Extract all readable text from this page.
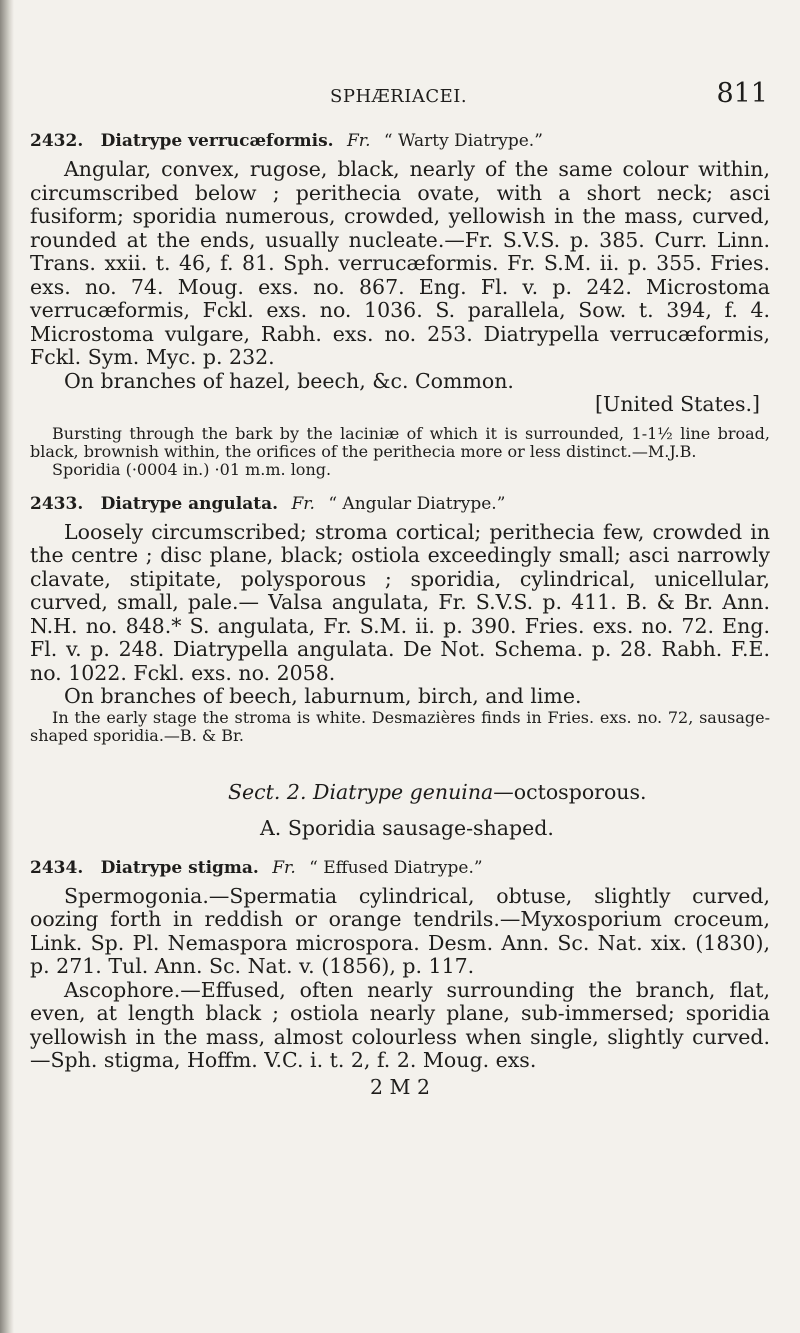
SPHÆRIACEI.	811
2432. Diatrype verrucæformis. Fr. “ Warty Diatrype.”

Angular, convex, rugose, black, nearly of the same colour within, circumscribed below ; perithecia ovate, with a short neck; asci fusiform; sporidia numerous, crowded, yellowish in the mass, curved, rounded at the ends, usually nucleate.—Fr. S.V.S. p. 385. Curr. Linn. Trans. xxii. t. 46, f. 81. Sph. verrucæformis. Fr. S.M. ii. p. 355. Fries. exs. no. 74. Moug. exs. no. 867. Eng. Fl. v. p. 242. Microstoma verrucæformis, Fckl. exs. no. 1036. S. parallela, Sow. t. 394, f. 4. Microstoma vulgare, Rabh. exs. no. 253. Diatrypella verrucæformis, Fckl. Sym. Myc. p. 232.

On branches of hazel, beech, &c. Common.

[United States.]

Bursting through the bark by the laciniæ of which it is surrounded, 1-1½ line broad, black, brownish within, the orifices of the perithecia more or less distinct.—M.J.B.

Sporidia (·0004 in.) ·01 m.m. long.

2433. Diatrype angulata. Fr. “ Angular Diatrype.”

Loosely circumscribed; stroma cortical; perithecia few, crowded in the centre ; disc plane, black; ostiola exceedingly small; asci narrowly clavate, stipitate, polysporous ; sporidia, cylindrical, unicellular, curved, small, pale.— Valsa angulata, Fr. S.V.S. p. 411. B. & Br. Ann. N.H. no. 848.* S. angulata, Fr. S.M. ii. p. 390. Fries. exs. no. 72. Eng. Fl. v. p. 248. Diatrypella angulata. De Not. Schema. p. 28. Rabh. F.E. no. 1022. Fckl. exs. no. 2058.

On branches of beech, laburnum, birch, and lime.

In the early stage the stroma is white. Desmazières finds in Fries. exs. no. 72, sausage-shaped sporidia.—B. & Br.

Sect. 2. Diatrype genuina—octosporous.
A. Sporidia sausage-shaped.
2434. Diatrype stigma. Fr. “ Effused Diatrype.”

Spermogonia.—Spermatia cylindrical, obtuse, slightly curved, oozing forth in reddish or orange tendrils.—Myxosporium croceum, Link. Sp. Pl. Nemaspora microspora. Desm. Ann. Sc. Nat. xix. (1830), p. 271. Tul. Ann. Sc. Nat. v. (1856), p. 117.

Ascophore.—Effused, often nearly surrounding the branch, flat, even, at length black ; ostiola nearly plane, sub-immersed; sporidia yellowish in the mass, almost colourless when single, slightly curved.—Sph. stigma, Hoffm. V.C. i. t. 2, f. 2. Moug. exs.

2 M 2
